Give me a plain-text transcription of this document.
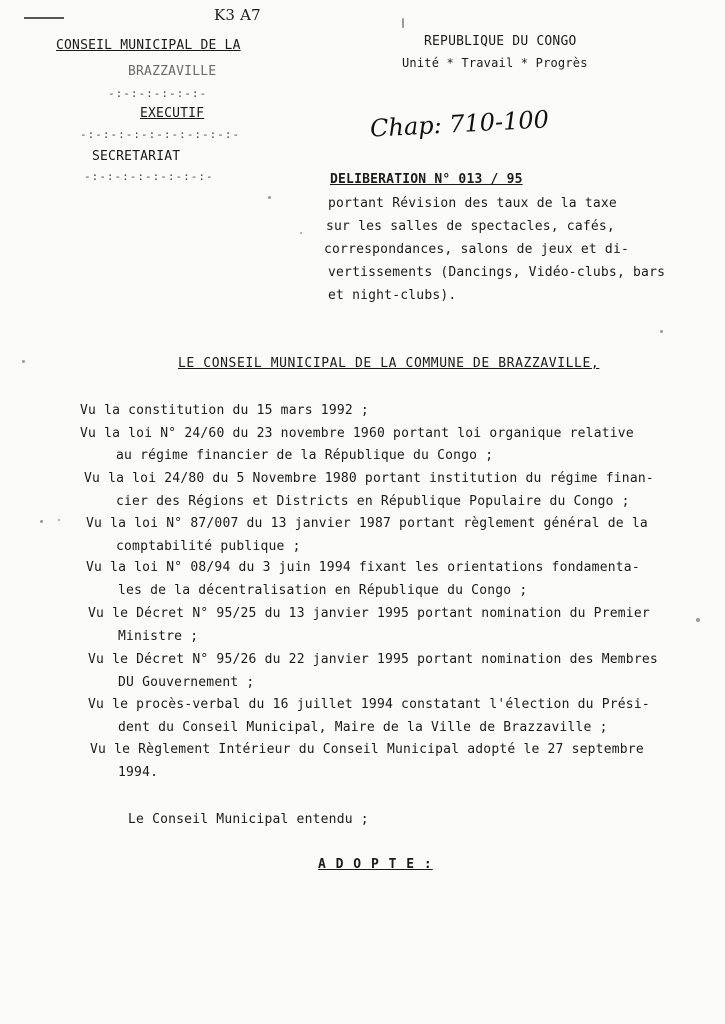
K3 A7
CONSEIL MUNICIPAL DE LA
BRAZZAVILLE
-:-:-:-:-:-:-
EXECUTIF
-:-:-:-:-:-:-:-:-:-:-
SECRETARIAT
-:-:-:-:-:-:-:-:-
REPUBLIQUE DU CONGO
Unité * Travail * Progrès
Chap: 710-100
DELIBERATION N° 013 / 95
portant Révision des taux de la taxe
sur les salles de spectacles, cafés,
correspondances, salons de jeux et di-
vertissements (Dancings, Vidéo-clubs, bars
et night-clubs).
LE CONSEIL MUNICIPAL DE LA COMMUNE DE BRAZZAVILLE,
Vu la constitution du 15 mars 1992 ;
Vu la loi N° 24/60 du 23 novembre 1960 portant loi organique relative
au régime financier de la République du Congo ;
Vu la loi 24/80 du 5 Novembre 1980 portant institution du régime finan-
cier des Régions et Districts en République Populaire du Congo ;
Vu la loi N° 87/007 du 13 janvier 1987 portant règlement général de la
comptabilité publique ;
Vu la loi N° 08/94 du 3 juin 1994 fixant les orientations fondamenta-
les de la décentralisation en République du Congo ;
Vu le Décret N° 95/25 du 13 janvier 1995 portant nomination du Premier
Ministre ;
Vu le Décret N° 95/26 du 22 janvier 1995 portant nomination des Membres
DU Gouvernement ;
Vu le procès-verbal du 16 juillet 1994 constatant l'élection du Prési-
dent du Conseil Municipal, Maire de la Ville de Brazzaville ;
Vu le Règlement Intérieur du Conseil Municipal adopté le 27 septembre
1994.
Le Conseil Municipal entendu ;
A D O P T E :
